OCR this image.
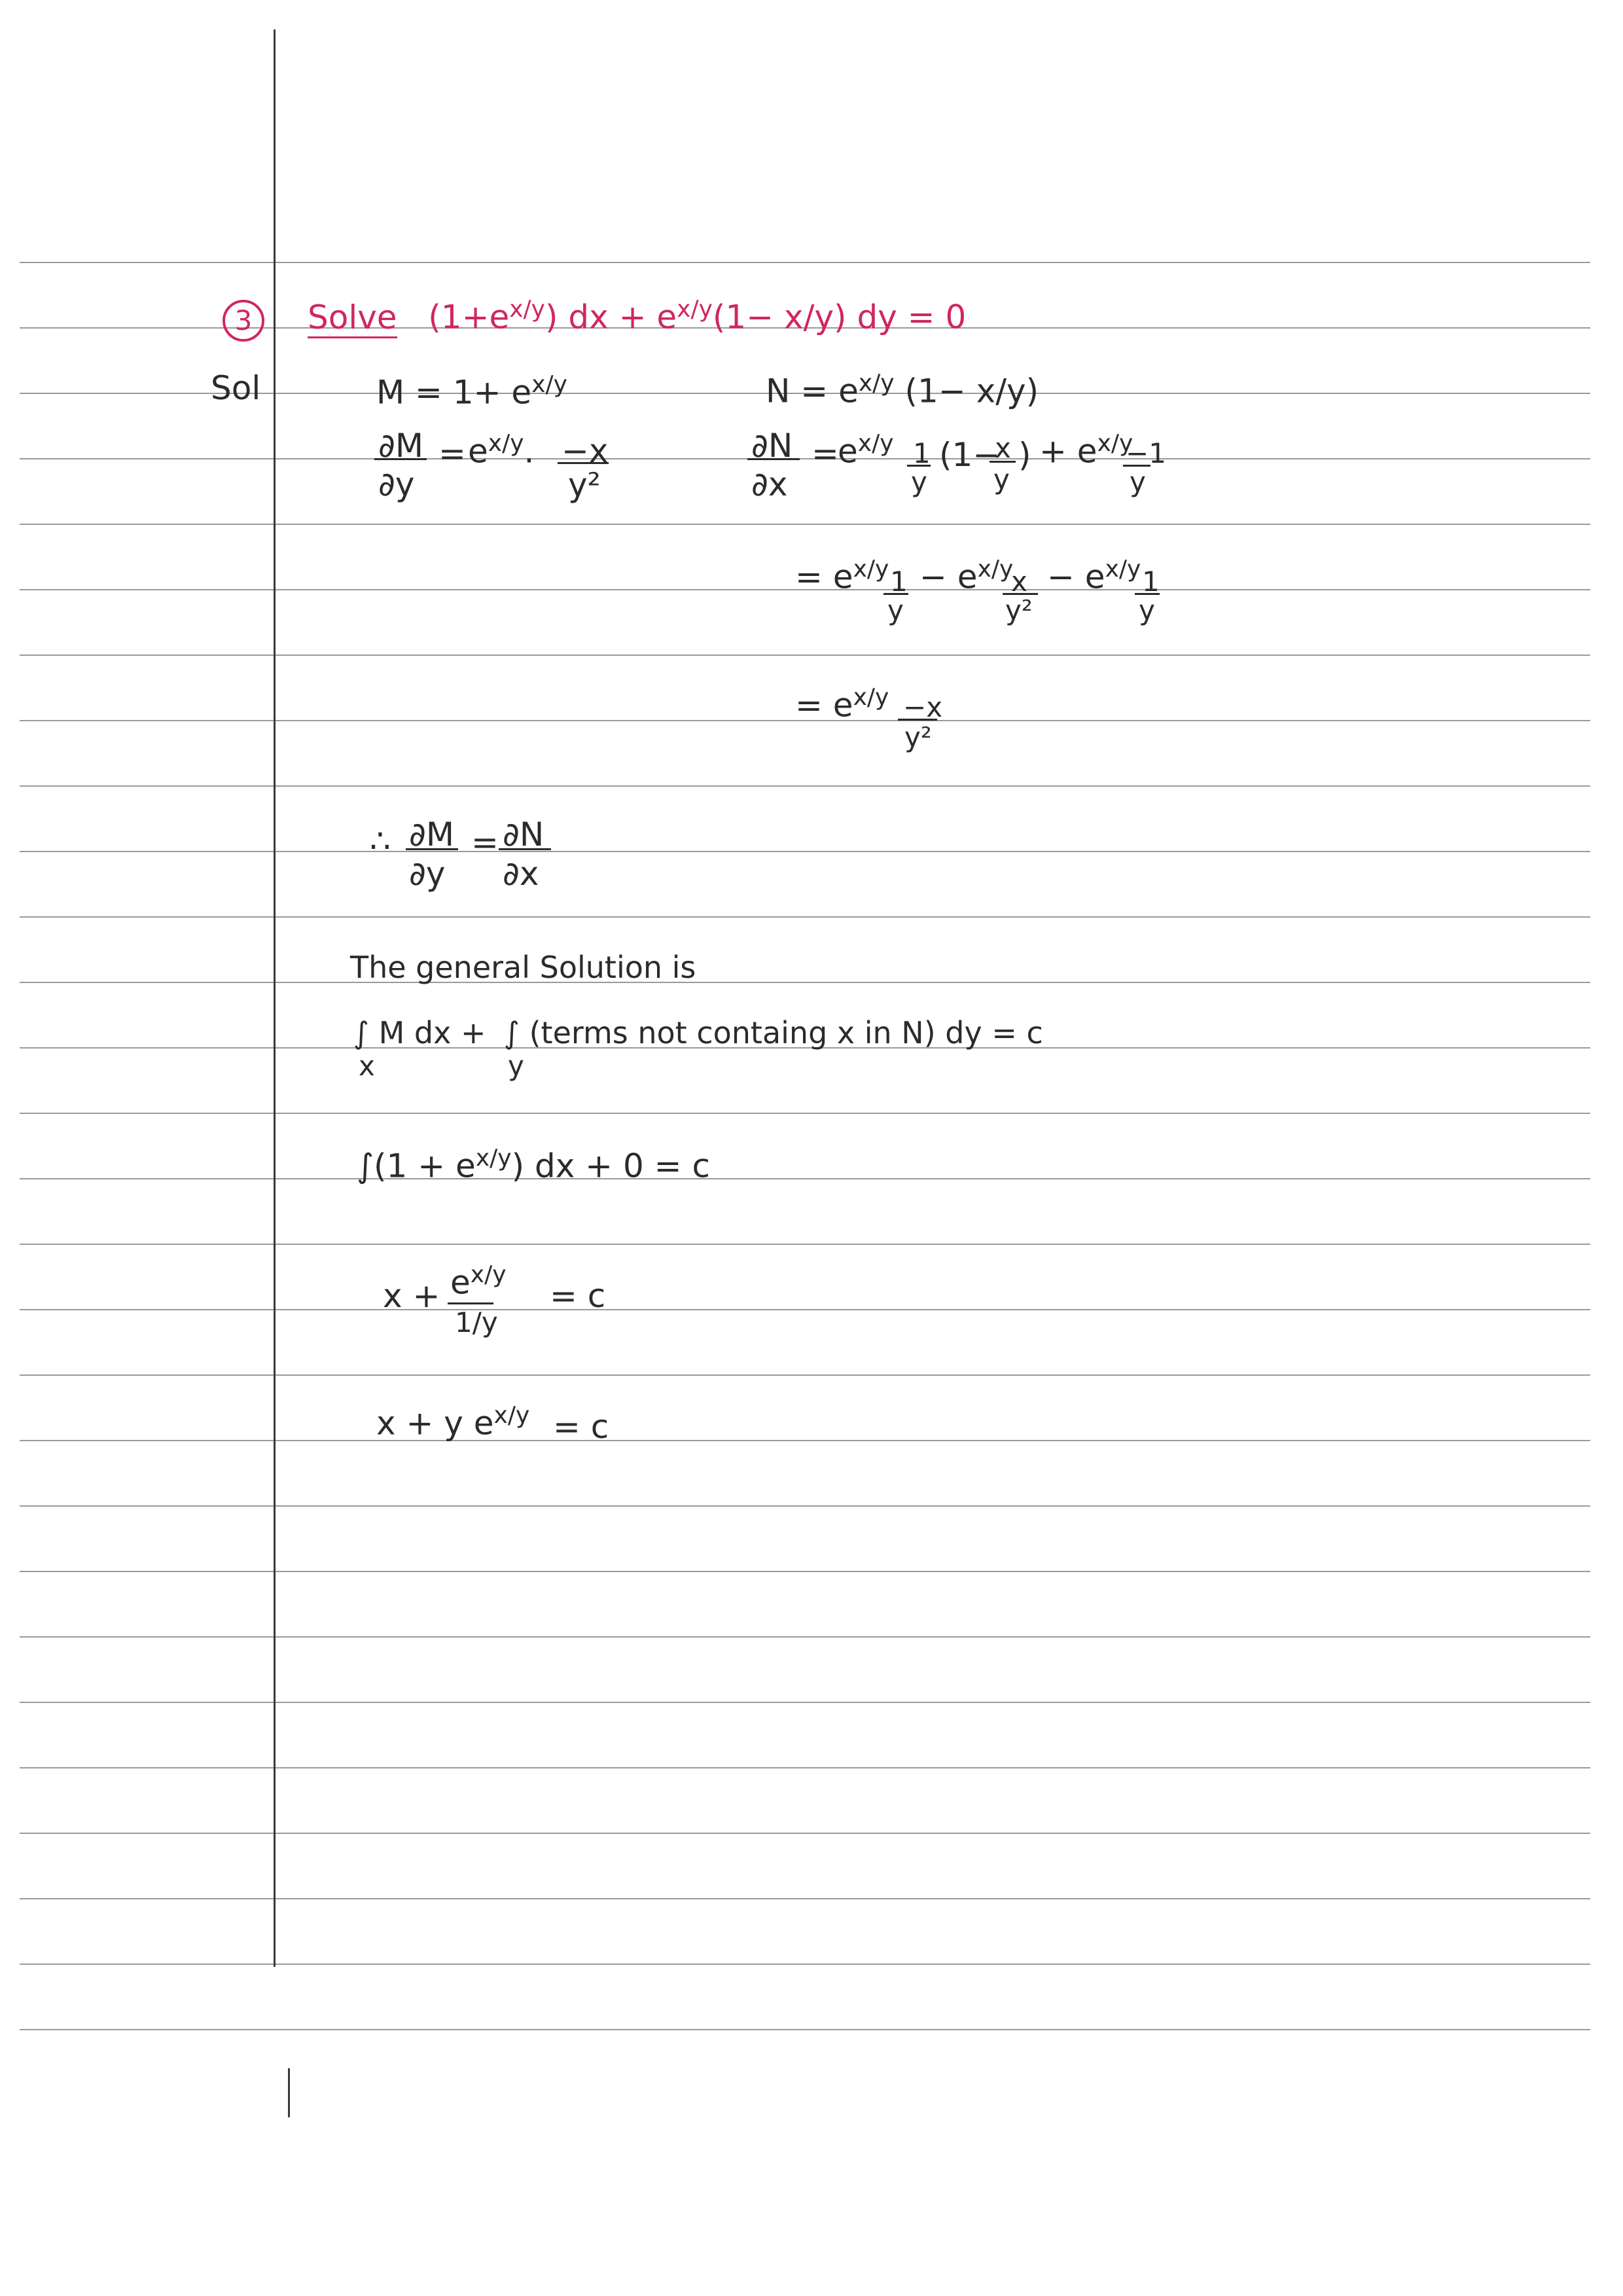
3	Solve $(1+e^{x/y})$ dx + $e^{x/y}(1- x/y)$ dy = 0
Sol	$M = 1+ e^{x/y}$	$N = e^{x/y}$ (1− x/y)
∂M
∂y
= $e^{x/y}$. −x
y²
∂N
∂x
=
$e^{x/y}$ 1
y
(1−
x
y
) + $e^{x/y}$
−1
y
= $e^{x/y}$ 1
y
− $e^{x/y}$
x
y²
− $e^{x/y}$ 1
y
= $e^{x/y} -x$
y²
∴ ∂M
∂y
= ∂N
∂x
The general Solution is
∫ M dx +
x
∫ (terms not containg x in N) dy = c
y
$\int(1 + e^{x/y})$ dx + 0 = c
$x + e^{x/y}$
1/y
= c
x + y $e^{x/y} = c$
